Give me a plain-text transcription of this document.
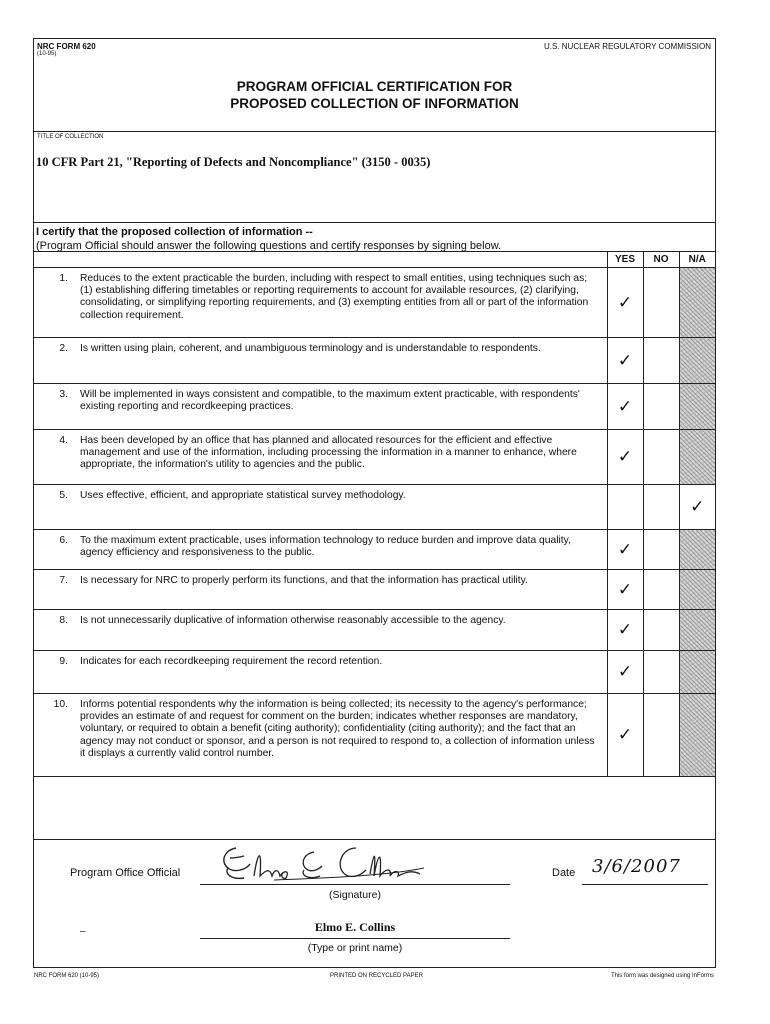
NRC FORM 620
(10-95)
U.S. NUCLEAR REGULATORY COMMISSION
PROGRAM OFFICIAL CERTIFICATION FOR
PROPOSED COLLECTION OF INFORMATION
TITLE OF COLLECTION
10 CFR Part 21, "Reporting of Defects and Noncompliance" (3150 - 0035)
I certify that the proposed collection of information --
(Program Official should answer the following questions and certify responses by signing below.
	YES	NO	N/A

1. Reduces to the extent practicable the burden, including with respect to small entities, using techniques such as; (1) establishing differing timetables or reporting requirements to account for available resources, (2) clarifying, consolidating, or simplifying reporting requirements, and (3) exempting entities from all or part of the information collection requirement.	✓		

2. Is written using plain, coherent, and unambiguous terminology and is understandable to respondents.	✓		

3. Will be implemented in ways consistent and compatible, to the maximum extent practicable, with respondents' existing reporting and recordkeeping practices.	✓		

4. Has been developed by an office that has planned and allocated resources for the efficient and effective management and use of the information, including processing the information in a manner to enhance, where appropriate, the information's utility to agencies and the public.	✓		

5. Uses effective, efficient, and appropriate statistical survey methodology.			✓

6. To the maximum extent practicable, uses information technology to reduce burden and improve data quality, agency efficiency and responsiveness to the public.	✓		

7. Is necessary for NRC to properly perform its functions, and that the information has practical utility.	✓		

8. Is not unnecessarily duplicative of information otherwise reasonably accessible to the agency.	✓		

9. Indicates for each recordkeeping requirement the record retention.	✓		

10. Informs potential respondents why the information is being collected; its necessity to the agency's performance; provides an estimate of and request for comment on the burden; indicates whether responses are mandatory, voluntary, or required to obtain a benefit (citing authority); confidentiality (citing authority); and the fact that an agency may not conduct or sponsor, and a person is not required to respond to, a collection of information unless it displays a currently valid control number.	✓		
Program Office Official
(Signature)
Date 3/6/2007
–	Elmo E. Collins
(Type or print name)
NRC FORM 620 (10-95)	PRINTED ON RECYCLED PAPER	This form was designed using InForms
